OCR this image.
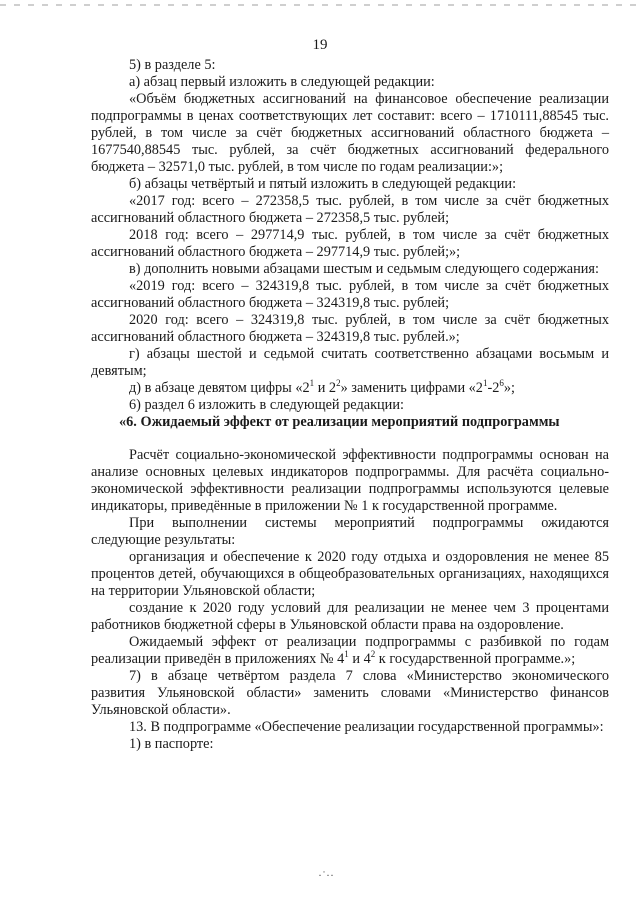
19

5) в разделе 5:

а) абзац первый изложить в следующей редакции:

«Объём бюджетных ассигнований на финансовое обеспечение реализации подпрограммы в ценах соответствующих лет составит: всего – 1710111,88545 тыс. рублей, в том числе за счёт бюджетных ассигнований областного бюджета – 1677540,88545 тыс. рублей, за счёт бюджетных ассигнований федерального бюджета – 32571,0 тыс. рублей, в том числе по годам реализации:»;

б) абзацы четвёртый и пятый изложить в следующей редакции:

«2017 год: всего – 272358,5 тыс. рублей, в том числе за счёт бюджетных ассигнований областного бюджета – 272358,5 тыс. рублей;

2018 год: всего – 297714,9 тыс. рублей, в том числе за счёт бюджетных ассигнований областного бюджета – 297714,9 тыс. рублей;»;

в) дополнить новыми абзацами шестым и седьмым следующего содержания:

«2019 год: всего – 324319,8 тыс. рублей, в том числе за счёт бюджетных ассигнований областного бюджета – 324319,8 тыс. рублей;

2020 год: всего – 324319,8 тыс. рублей, в том числе за счёт бюджетных ассигнований областного бюджета – 324319,8 тыс. рублей.»;

г) абзацы шестой и седьмой считать соответственно абзацами восьмым и девятым;

д) в абзаце девятом цифры «$2^1$ и $2^2$» заменить цифрами «$2^1-2^6$»;

6) раздел 6 изложить в следующей редакции:

«6. Ожидаемый эффект от реализации мероприятий подпрограммы

Расчёт социально-экономической эффективности подпрограммы основан на анализе основных целевых индикаторов подпрограммы. Для расчёта социально-экономической эффективности реализации подпрограммы используются целевые индикаторы, приведённые в приложении № 1 к государственной программе.

При выполнении системы мероприятий подпрограммы ожидаются следующие результаты:

организация и обеспечение к 2020 году отдыха и оздоровления не менее 85 процентов детей, обучающихся в общеобразовательных организациях, находящихся на территории Ульяновской области;

создание к 2020 году условий для реализации не менее чем 3 процентами работников бюджетной сферы в Ульяновской области права на оздоровление.

Ожидаемый эффект от реализации подпрограммы с разбивкой по годам реализации приведён в приложениях № $4^1$ и $4^2$ к государственной программе.»;

7) в абзаце четвёртом раздела 7 слова «Министерство экономического развития Ульяновской области» заменить словами «Министерство финансов Ульяновской области».

13. В подпрограмме «Обеспечение реализации государственной программы»:

1) в паспорте:

·˙··
